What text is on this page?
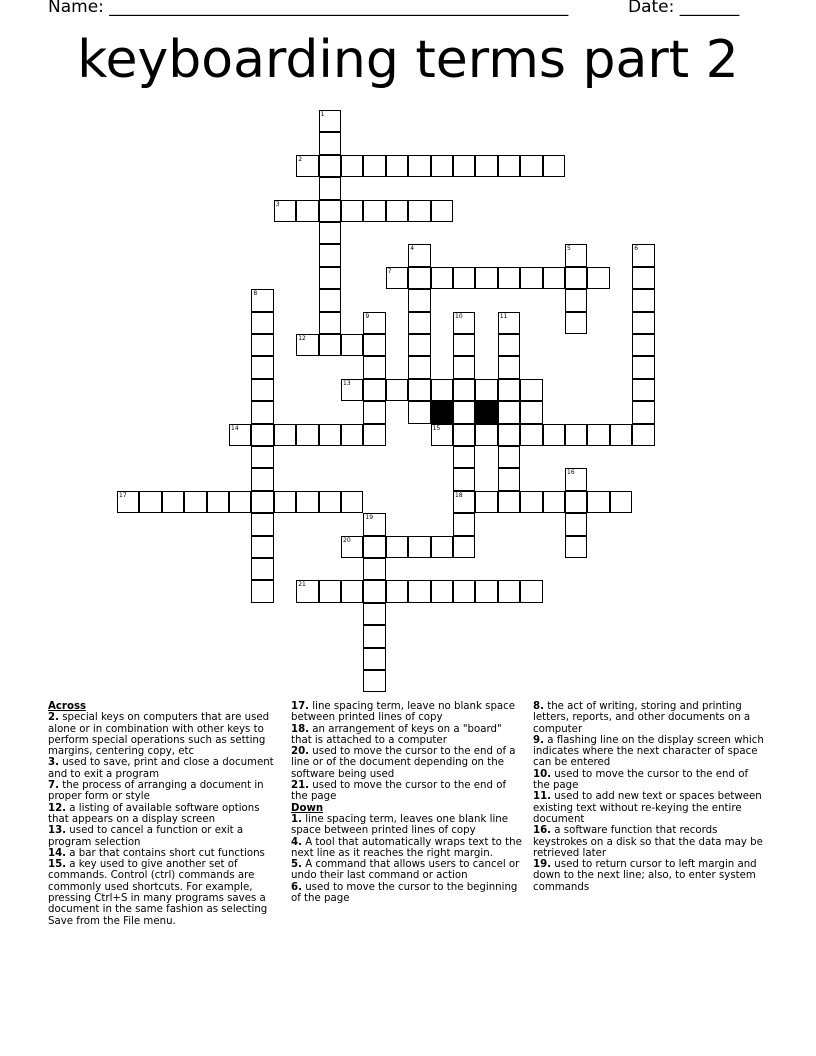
Name: ______________________________________________________	Date: _______
keyboarding terms part 2
1
2
3
4	5	6
7
8
9	10
18
11
12
13
14	15
16
17
19
20
21
Across
2. special keys on computers that are used alone or in combination with other keys to perform special operations such as setting margins, centering copy, etc
3. used to save, print and close a document and to exit a program
7. the process of arranging a document in proper form or style
12. a listing of available software options that appears on a display screen
13. used to cancel a function or exit a program selection
14. a bar that contains short cut functions
15. a key used to give another set of commands. Control (ctrl) commands are commonly used shortcuts. For example, pressing Ctrl+S in many programs saves a document in the same fashion as selecting Save from the File menu.
17. line spacing term, leave no blank space between printed lines of copy
18. an arrangement of keys on a "board" that is attached to a computer
20. used to move the cursor to the end of a line or of the document depending on the software being used
21. used to move the cursor to the end of the page
Down
1. line spacing term, leaves one blank line space between printed lines of copy
4. A tool that automatically wraps text to the next line as it reaches the right margin.
5. A command that allows users to cancel or undo their last command or action
6. used to move the cursor to the beginning of the page
8. the act of writing, storing and printing letters, reports, and other documents on a computer
9. a flashing line on the display screen which indicates where the next character of space can be entered
10. used to move the cursor to the end of the page
11. used to add new text or spaces between existing text without re-keying the entire document
16. a software function that records keystrokes on a disk so that the data may be retrieved later
19. used to return cursor to left margin and down to the next line; also, to enter system commands
